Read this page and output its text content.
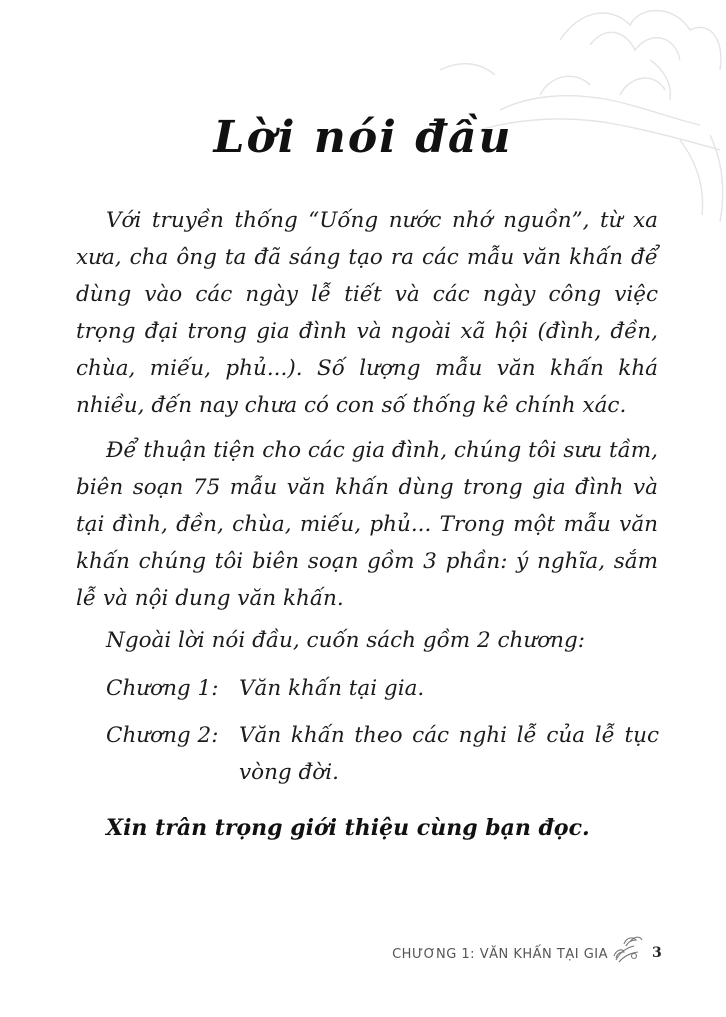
Lời nói đầu
Với truyền thống “Uống nước nhớ nguồn”, từ xa xưa, cha ông ta đã sáng tạo ra các mẫu văn khấn để dùng vào các ngày lễ tiết và các ngày công việc trọng đại trong gia đình và ngoài xã hội (đình, đền, chùa, miếu, phủ...). Số lượng mẫu văn khấn khá nhiều, đến nay chưa có con số thống kê chính xác.
Để thuận tiện cho các gia đình, chúng tôi sưu tầm, biên soạn 75 mẫu văn khấn dùng trong gia đình và tại đình, đền, chùa, miếu, phủ... Trong một mẫu văn khấn chúng tôi biên soạn gồm 3 phần: ý nghĩa, sắm lễ và nội dung văn khấn.
Ngoài lời nói đầu, cuốn sách gồm 2 chương:
Chương 1: Văn khấn tại gia.
Chương 2: Văn khấn theo các nghi lễ của lễ tục vòng đời.
Xin trân trọng giới thiệu cùng bạn đọc.
CHƯƠNG 1: VĂN KHẤN TẠI GIA	3
